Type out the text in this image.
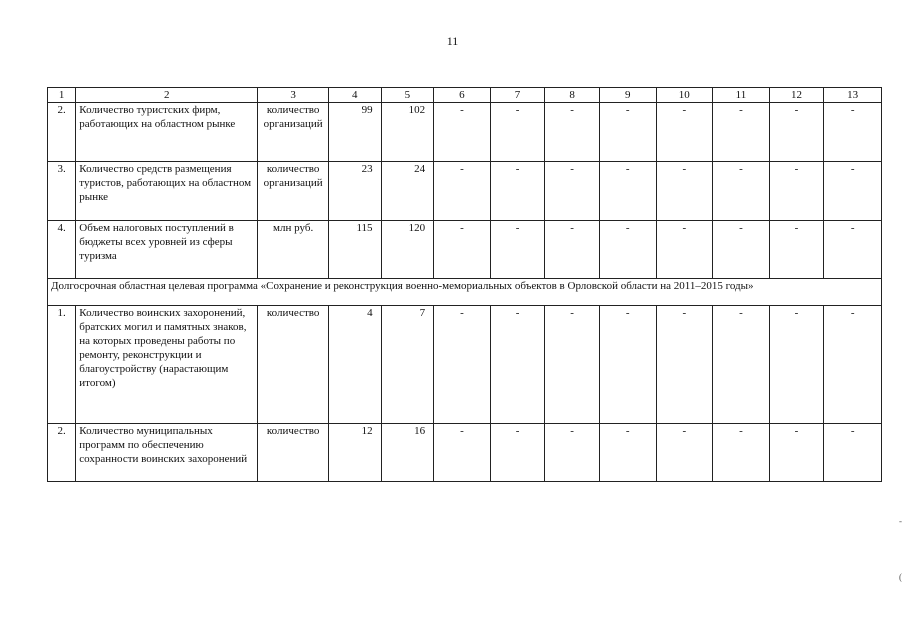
11
1	2	3	4	5	6	7	8	9	10	11	12	13
2.	Количество туристских фирм, работающих на областном рынке	количество организаций	99	102	-	-	-	-	-	-	-	-
3.	Количество средств размещения туристов, работающих на областном рынке	количество организаций	23	24	-	-	-	-	-	-	-	-
4.	Объем налоговых поступлений в бюджеты всех уровней из сферы туризма	млн руб.	115	120	-	-	-	-	-	-	-	-
Долгосрочная областная целевая программа «Сохранение и реконструкция военно-мемориальных объектов в Орловской области на 2011–2015 годы»												
1.	Количество воинских захоронений, братских могил и памятных знаков, на которых проведены работы по ремонту, реконструкции и благоустройству (нарастающим итогом)	количество	4	7	-	-	-	-	-	-	-	-
2.	Количество муниципальных программ по обеспечению сохранности воинских захоронений	количество	12	16	-	-	-	-	-	-	-	-
-
(
